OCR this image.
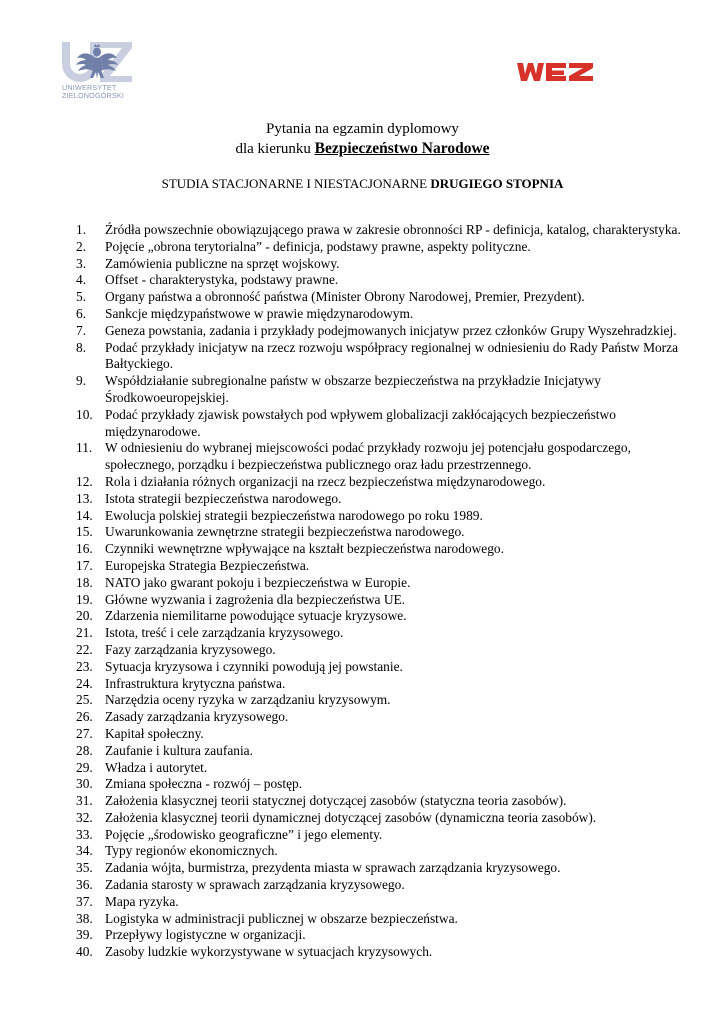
UNIWERSYTET
ZIELONOGÓRSKI
Pytania na egzamin dyplomowy
dla kierunku Bezpieczeństwo Narodowe
STUDIA STACJONARNE I NIESTACJONARNE DRUGIEGO STOPNIA
1.	Źródła powszechnie obowiązującego prawa w zakresie obronności RP - definicja, katalog, charakterystyka.
2.	Pojęcie „obrona terytorialna” - definicja, podstawy prawne, aspekty polityczne.
3.	Zamówienia publiczne na sprzęt wojskowy.
4.	Offset - charakterystyka, podstawy prawne.
5.	Organy państwa a obronność państwa (Minister Obrony Narodowej, Premier, Prezydent).
6.	Sankcje międzypaństwowe w prawie międzynarodowym.
7.	Geneza powstania, zadania i przykłady podejmowanych inicjatyw przez członków Grupy Wyszehradzkiej.
8.	Podać przykłady inicjatyw na rzecz rozwoju współpracy regionalnej w odniesieniu do Rady Państw Morza Bałtyckiego.
9.	Współdziałanie subregionalne państw w obszarze bezpieczeństwa na przykładzie Inicjatywy Środkowoeuropejskiej.
10. Podać przykłady zjawisk powstałych pod wpływem globalizacji zakłócających bezpieczeństwo międzynarodowe.
11. W odniesieniu do wybranej miejscowości podać przykłady rozwoju jej potencjału gospodarczego, społecznego, porządku i bezpieczeństwa publicznego oraz ładu przestrzennego.
12. Rola i działania różnych organizacji na rzecz bezpieczeństwa międzynarodowego.
13. Istota strategii bezpieczeństwa narodowego.
14. Ewolucja polskiej strategii bezpieczeństwa narodowego po roku 1989.
15. Uwarunkowania zewnętrzne strategii bezpieczeństwa narodowego.
16. Czynniki wewnętrzne wpływające na kształt bezpieczeństwa narodowego.
17. Europejska Strategia Bezpieczeństwa.
18. NATO jako gwarant pokoju i bezpieczeństwa w Europie.
19. Główne wyzwania i zagrożenia dla bezpieczeństwa UE.
20. Zdarzenia niemilitarne powodujące sytuacje kryzysowe.
21. Istota, treść i cele zarządzania kryzysowego.
22. Fazy zarządzania kryzysowego.
23. Sytuacja kryzysowa i czynniki powodują jej powstanie.
24. Infrastruktura krytyczna państwa.
25. Narzędzia oceny ryzyka w zarządzaniu kryzysowym.
26. Zasady zarządzania kryzysowego.
27. Kapitał społeczny.
28. Zaufanie i kultura zaufania.
29. Władza i autorytet.
30. Zmiana społeczna - rozwój – postęp.
31. Założenia klasycznej teorii statycznej dotyczącej zasobów (statyczna teoria zasobów).
32. Założenia klasycznej teorii dynamicznej dotyczącej zasobów (dynamiczna teoria zasobów).
33. Pojęcie „środowisko geograficzne” i jego elementy.
34. Typy regionów ekonomicznych.
35. Zadania wójta, burmistrza, prezydenta miasta w sprawach zarządzania kryzysowego.
36. Zadania starosty w sprawach zarządzania kryzysowego.
37. Mapa ryzyka.
38. Logistyka w administracji publicznej w obszarze bezpieczeństwa.
39. Przepływy logistyczne w organizacji.
40. Zasoby ludzkie wykorzystywane w sytuacjach kryzysowych.
